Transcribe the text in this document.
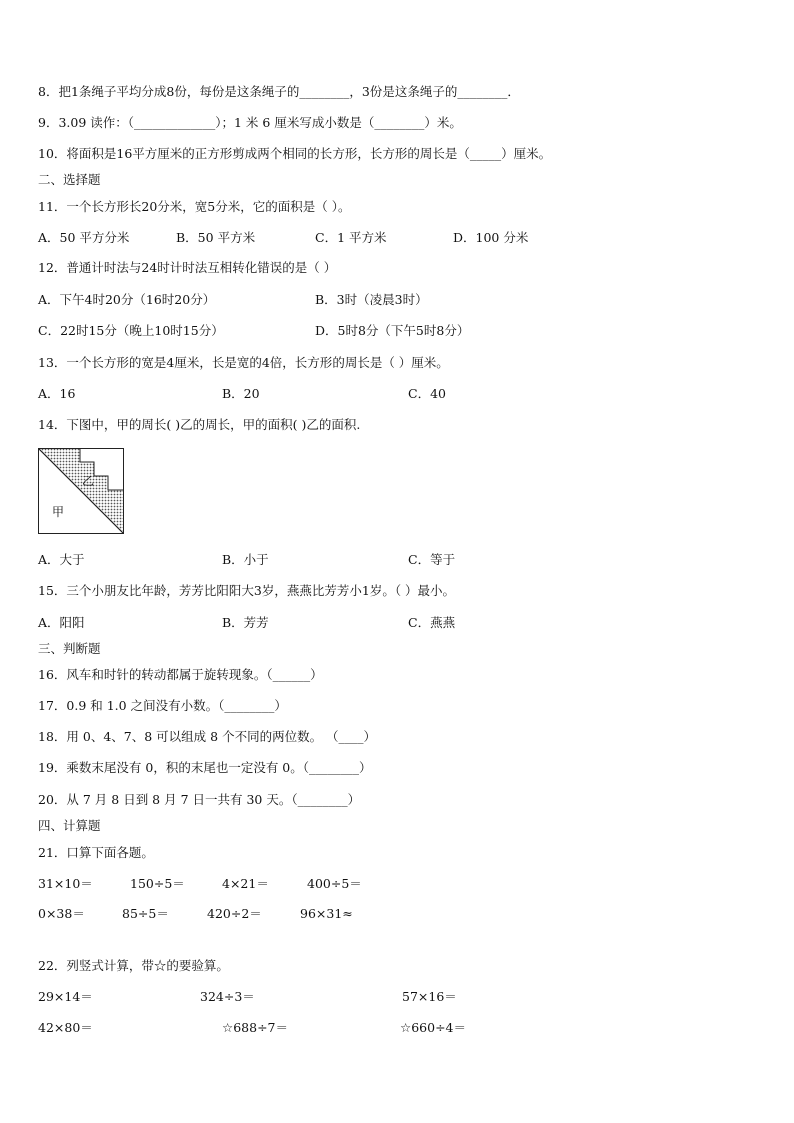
8．把1条绳子平均分成8份，每份是这条绳子的________，3份是这条绳子的________．
9．3.09 读作：（_____________）；1 米 6 厘米写成小数是（________）米。
10．将面积是16平方厘米的正方形剪成两个相同的长方形，长方形的周长是（_____）厘米。
二、选择题
11．一个长方形长20分米，宽5分米，它的面积是（ ）。
A．50 平方分米	B．50 平方米	C．1 平方米	D．100 分米
12．普通计时法与24时计时法互相转化错误的是（ ）
A．下午4时20分（16时20分）	B．3时（凌晨3时）
C．22时15分（晚上10时15分）	D．5时8分（下午5时8分）
13．一个长方形的宽是4厘米，长是宽的4倍，长方形的周长是（ ）厘米。
A．16	B．20	C．40
14．下图中，甲的周长( )乙的周长，甲的面积( )乙的面积.
乙
甲
A．大于	B．小于	C．等于
15．三个小朋友比年龄，芳芳比阳阳大3岁，燕燕比芳芳小1岁。（ ）最小。
A．阳阳	B．芳芳	C．燕燕
三、判断题
16．风车和时针的转动都属于旋转现象。（______）
17．0.9 和 1.0 之间没有小数。（________）
18．用 0、4、7、8 可以组成 8 个不同的两位数。 （____）
19．乘数末尾没有 0，积的末尾也一定没有 0。（________）
20．从 7 月 8 日到 8 月 7 日一共有 30 天。（________）
四、计算题
21．口算下面各题。
31×10＝	150÷5＝	4×21＝	400÷5＝
0×38＝	85÷5＝	420÷2＝	96×31≈
22．列竖式计算，带☆的要验算。
29×14＝	324÷3＝	57×16＝
42×80＝	☆688÷7＝	☆660÷4＝
